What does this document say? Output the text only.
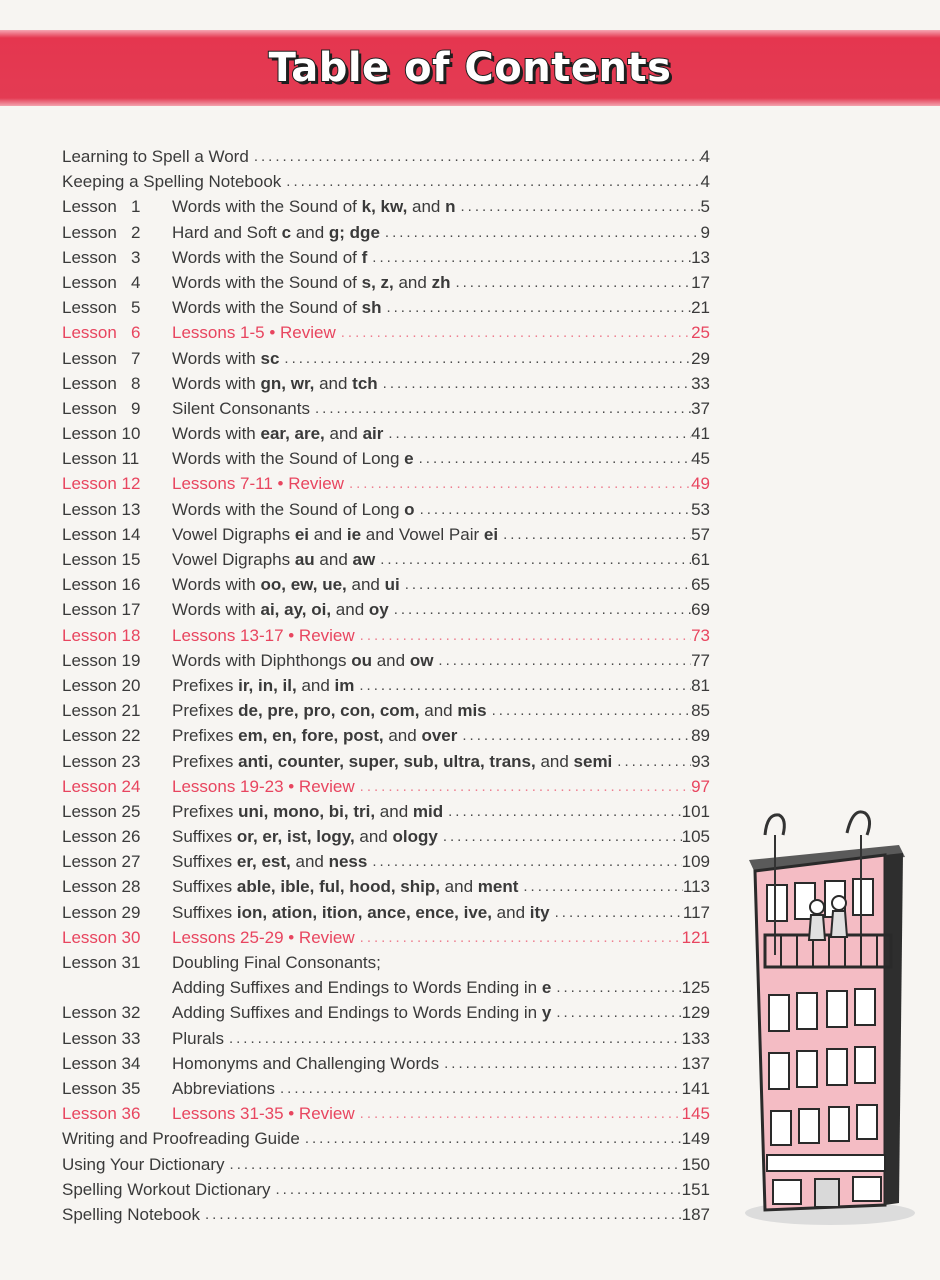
Table of Contents
Learning to Spell a Word .....	4
Keeping a Spelling Notebook .....	4
Lesson   1	Words with the Sound of k, kw, and n .....	5
Lesson   2	Hard and Soft c and g; dge .....	9
Lesson   3	Words with the Sound of f .....	13
Lesson   4	Words with the Sound of s, z, and zh .....	17
Lesson   5	Words with the Sound of sh .....	21
Lesson   6	Lessons 1-5 • Review .....	25
Lesson   7	Words with sc .....	29
Lesson   8	Words with gn, wr, and tch .....	33
Lesson   9	Silent Consonants .....	37
Lesson 10	Words with ear, are, and air .....	41
Lesson 11	Words with the Sound of Long e .....	45
Lesson 12	Lessons 7-11 • Review .....	49
Lesson 13	Words with the Sound of Long o .....	53
Lesson 14	Vowel Digraphs ei and ie and Vowel Pair ei .....	57
Lesson 15	Vowel Digraphs au and aw .....	61
Lesson 16	Words with oo, ew, ue, and ui .....	65
Lesson 17	Words with ai, ay, oi, and oy .....	69
Lesson 18	Lessons 13-17 • Review .....	73
Lesson 19	Words with Diphthongs ou and ow .....	77
Lesson 20	Prefixes ir, in, il, and im .....	81
Lesson 21	Prefixes de, pre, pro, con, com, and mis .....	85
Lesson 22	Prefixes em, en, fore, post, and over .....	89
Lesson 23	Prefixes anti, counter, super, sub, ultra, trans, and semi .....	93
Lesson 24	Lessons 19-23 • Review .....	97
Lesson 25	Prefixes uni, mono, bi, tri, and mid .....	101
Lesson 26	Suffixes or, er, ist, logy, and ology .....	105
Lesson 27	Suffixes er, est, and ness .....	109
Lesson 28	Suffixes able, ible, ful, hood, ship, and ment .....	113
Lesson 29	Suffixes ion, ation, ition, ance, ence, ive, and ity .....	117
Lesson 30	Lessons 25-29 • Review .....	121
Lesson 31	Doubling Final Consonants;
Adding Suffixes and Endings to Words Ending in e .....	125
Lesson 32	Adding Suffixes and Endings to Words Ending in y .....	129
Lesson 33	Plurals .....	133
Lesson 34	Homonyms and Challenging Words .....	137
Lesson 35	Abbreviations .....	141
Lesson 36	Lessons 31-35 • Review .....	145
Writing and Proofreading Guide .....	149
Using Your Dictionary .....	150
Spelling Workout Dictionary .....	151
Spelling Notebook .....	187
